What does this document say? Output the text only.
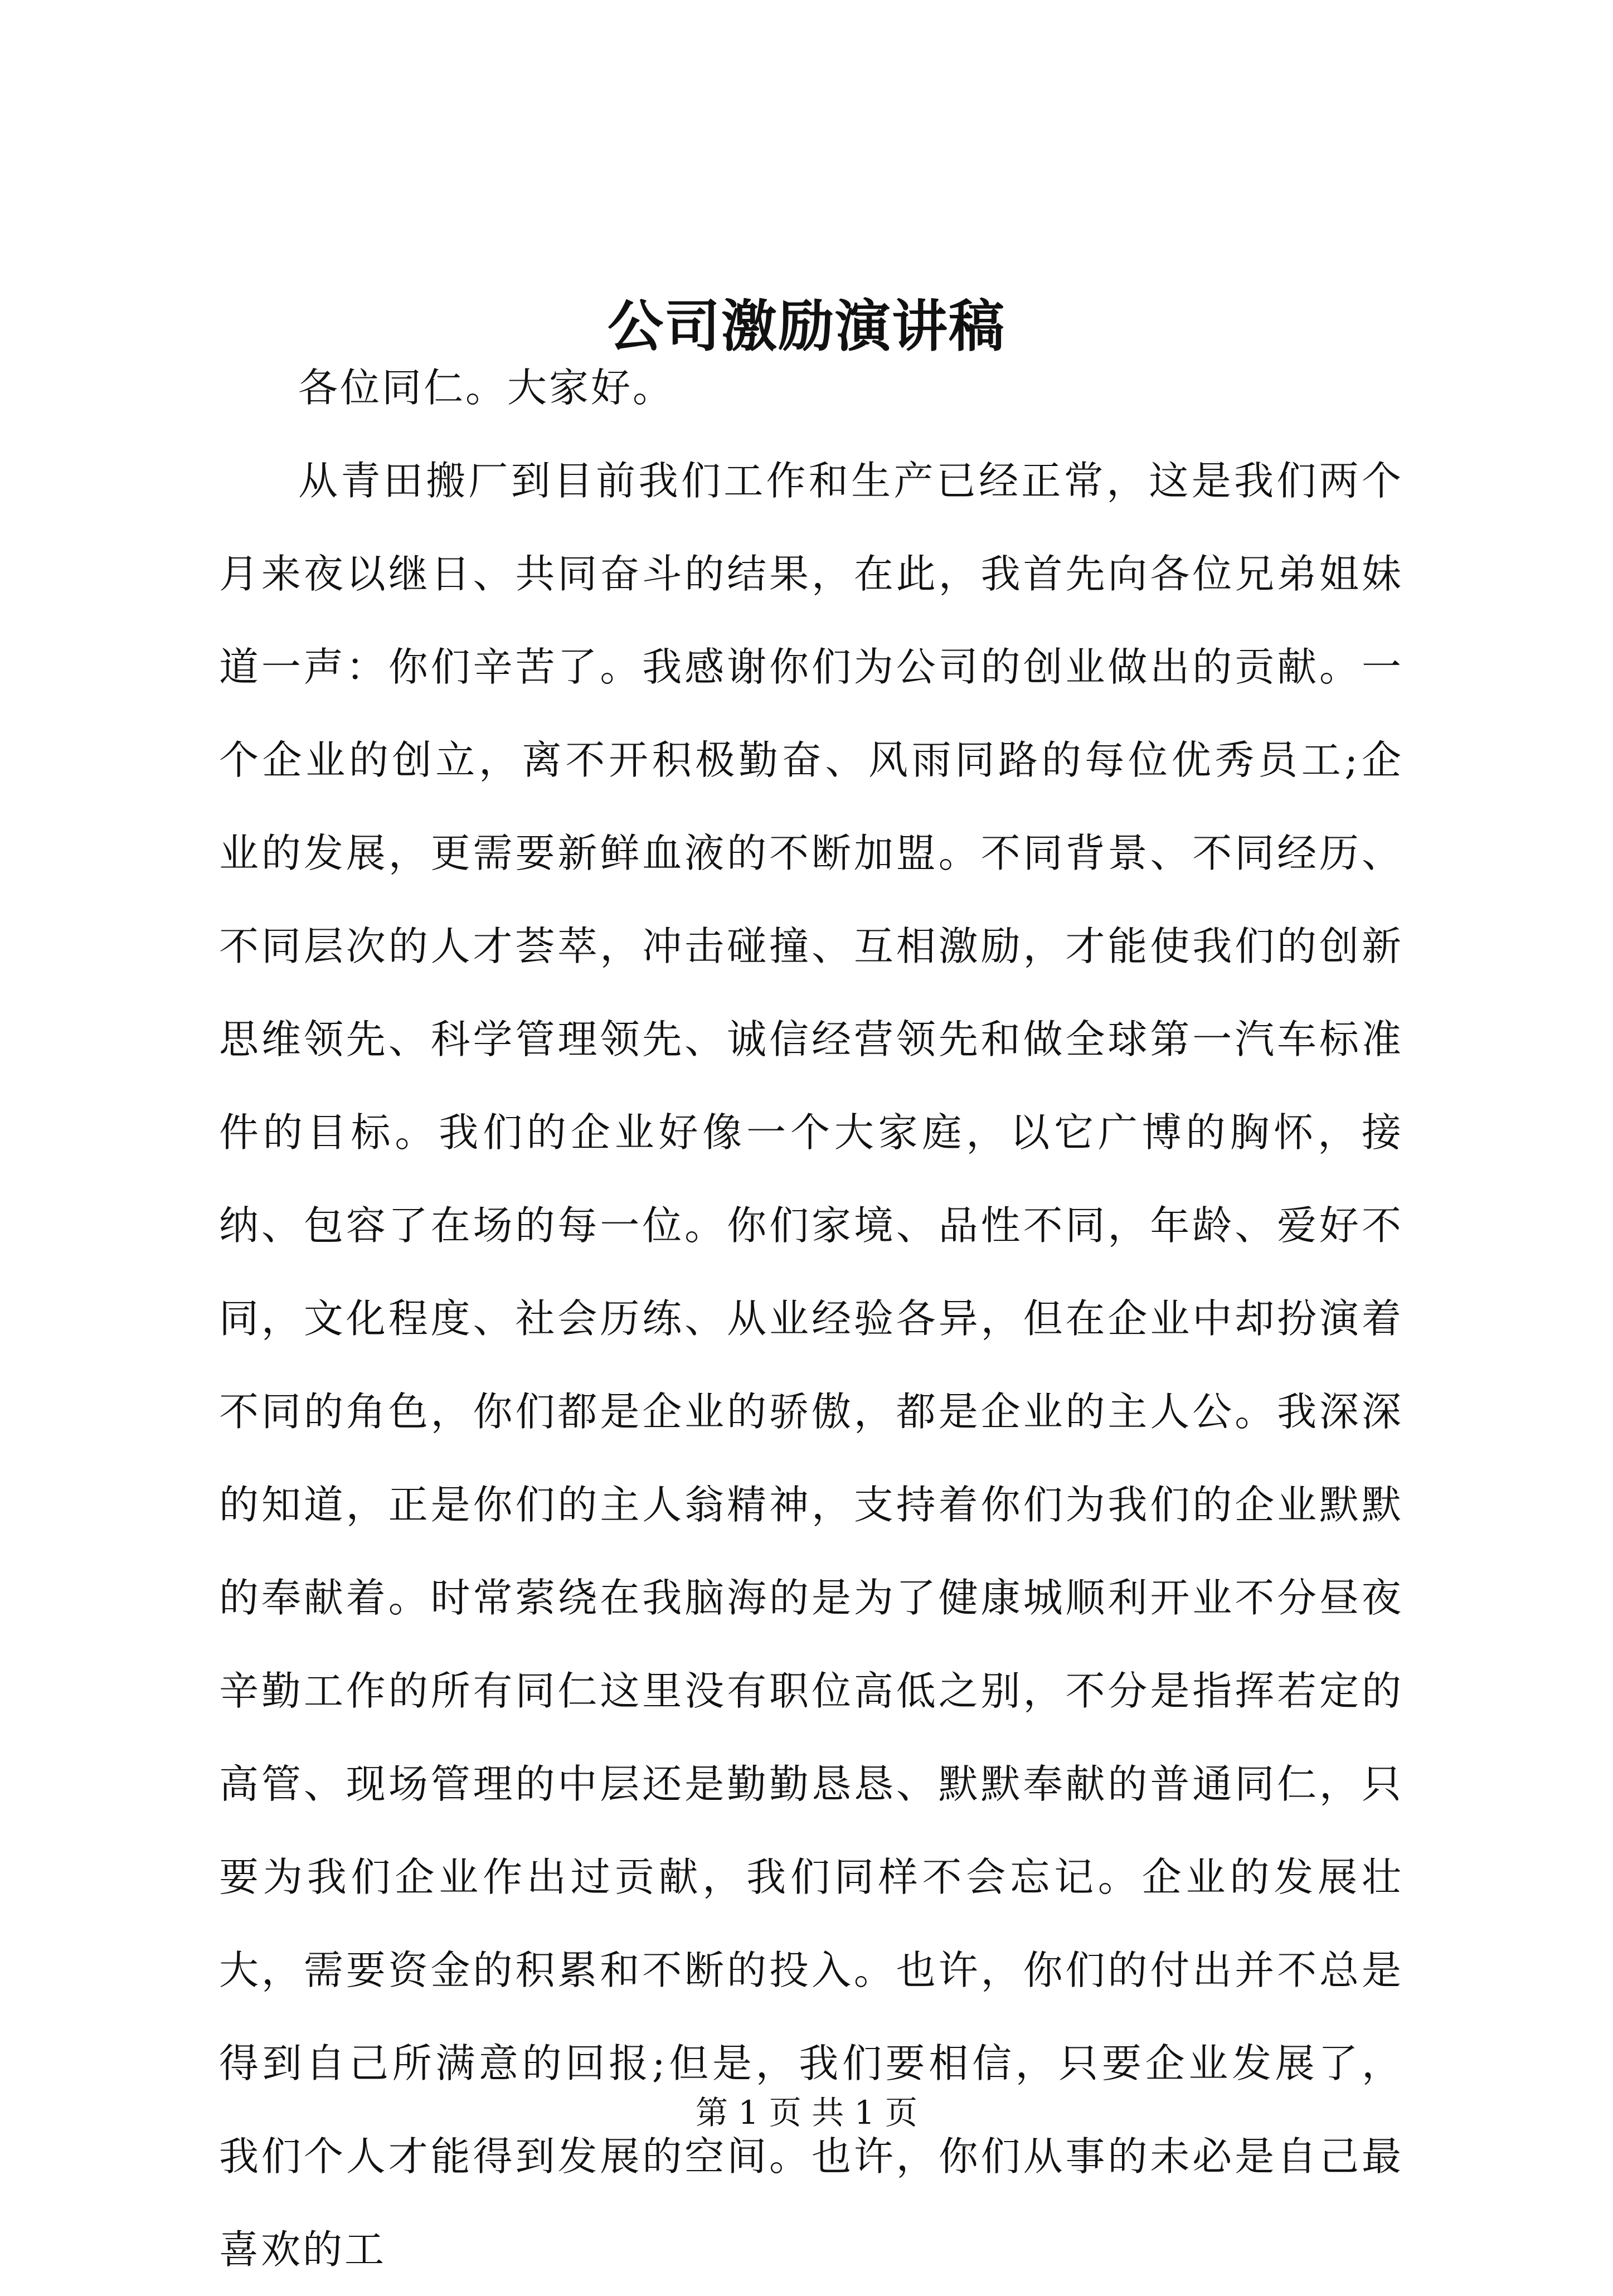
公司激励演讲稿

各位同仁。大家好。

从青田搬厂到目前我们工作和生产已经正常，这是我们两个月来夜以继日、共同奋斗的结果，在此，我首先向各位兄弟姐妹道一声：你们辛苦了。我感谢你们为公司的创业做出的贡献。一个企业的创立，离不开积极勤奋、风雨同路的每位优秀员工;企业的发展，更需要新鲜血液的不断加盟。不同背景、不同经历、不同层次的人才荟萃，冲击碰撞、互相激励，才能使我们的创新思维领先、科学管理领先、诚信经营领先和做全球第一汽车标准件的目标。我们的企业好像一个大家庭，以它广博的胸怀，接纳、包容了在场的每一位。你们家境、品性不同，年龄、爱好不同，文化程度、社会历练、从业经验各异，但在企业中却扮演着不同的角色，你们都是企业的骄傲，都是企业的主人公。我深深的知道，正是你们的主人翁精神，支持着你们为我们的企业默默的奉献着。时常萦绕在我脑海的是为了健康城顺利开业不分昼夜辛勤工作的所有同仁这里没有职位高低之别，不分是指挥若定的高管、现场管理的中层还是勤勤恳恳、默默奉献的普通同仁，只要为我们企业作出过贡献，我们同样不会忘记。企业的发展壮大，需要资金的积累和不断的投入。也许，你们的付出并不总是得到自己所满意的回报;但是，我们要相信，只要企业发展了，我们个人才能得到发展的空间。也许，你们从事的未必是自己最喜欢的工

第 1 页 共 1 页
